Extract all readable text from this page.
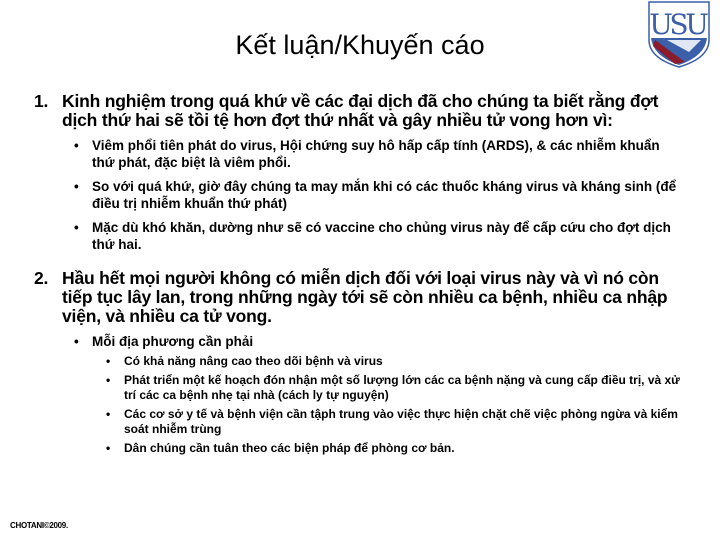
Kết luận/Khuyến cáo
U
S
U
1. Kinh nghiệm trong quá khứ về các đại dịch đã cho chúng ta biết rằng đợt dịch thứ hai sẽ tồi tệ hơn đợt thứ nhất và gây nhiều tử vong hơn vì:
• Viêm phổi tiên phát do virus, Hội chứng suy hô hấp cấp tính (ARDS), & các nhiễm khuẩn thứ phát, đặc biệt là viêm phổi.
• So với quá khứ, giờ đây chúng ta may mắn khi có các thuốc kháng virus và kháng sinh (để điều trị nhiễm khuẩn thứ phát)
• Mặc dù khó khăn, dường như sẽ có vaccine cho chủng virus này để cấp cứu cho đợt dịch thứ hai.
2. Hầu hết mọi người không có miễn dịch đối với loại virus này và vì nó còn tiếp tục lây lan, trong những ngày tới sẽ còn nhiều ca bệnh, nhiều ca nhập viện, và nhiều ca tử vong.
• Mỗi địa phương cần phải
•	Có khả năng nâng cao theo dõi bệnh và virus
•	Phát triển một kế hoạch đón nhận một số lượng lớn các ca bệnh nặng và cung cấp điều trị, và xử trí các ca bệnh nhẹ tại nhà (cách ly tự nguyện)
•	Các cơ sở y tế và bệnh viện cần tậph trung vào việc thực hiện chặt chẽ việc phòng ngừa và kiểm soát nhiễm trùng
•	Dân chúng cần tuân theo các biện pháp để phòng cơ bản.
CHOTANI©2009.
